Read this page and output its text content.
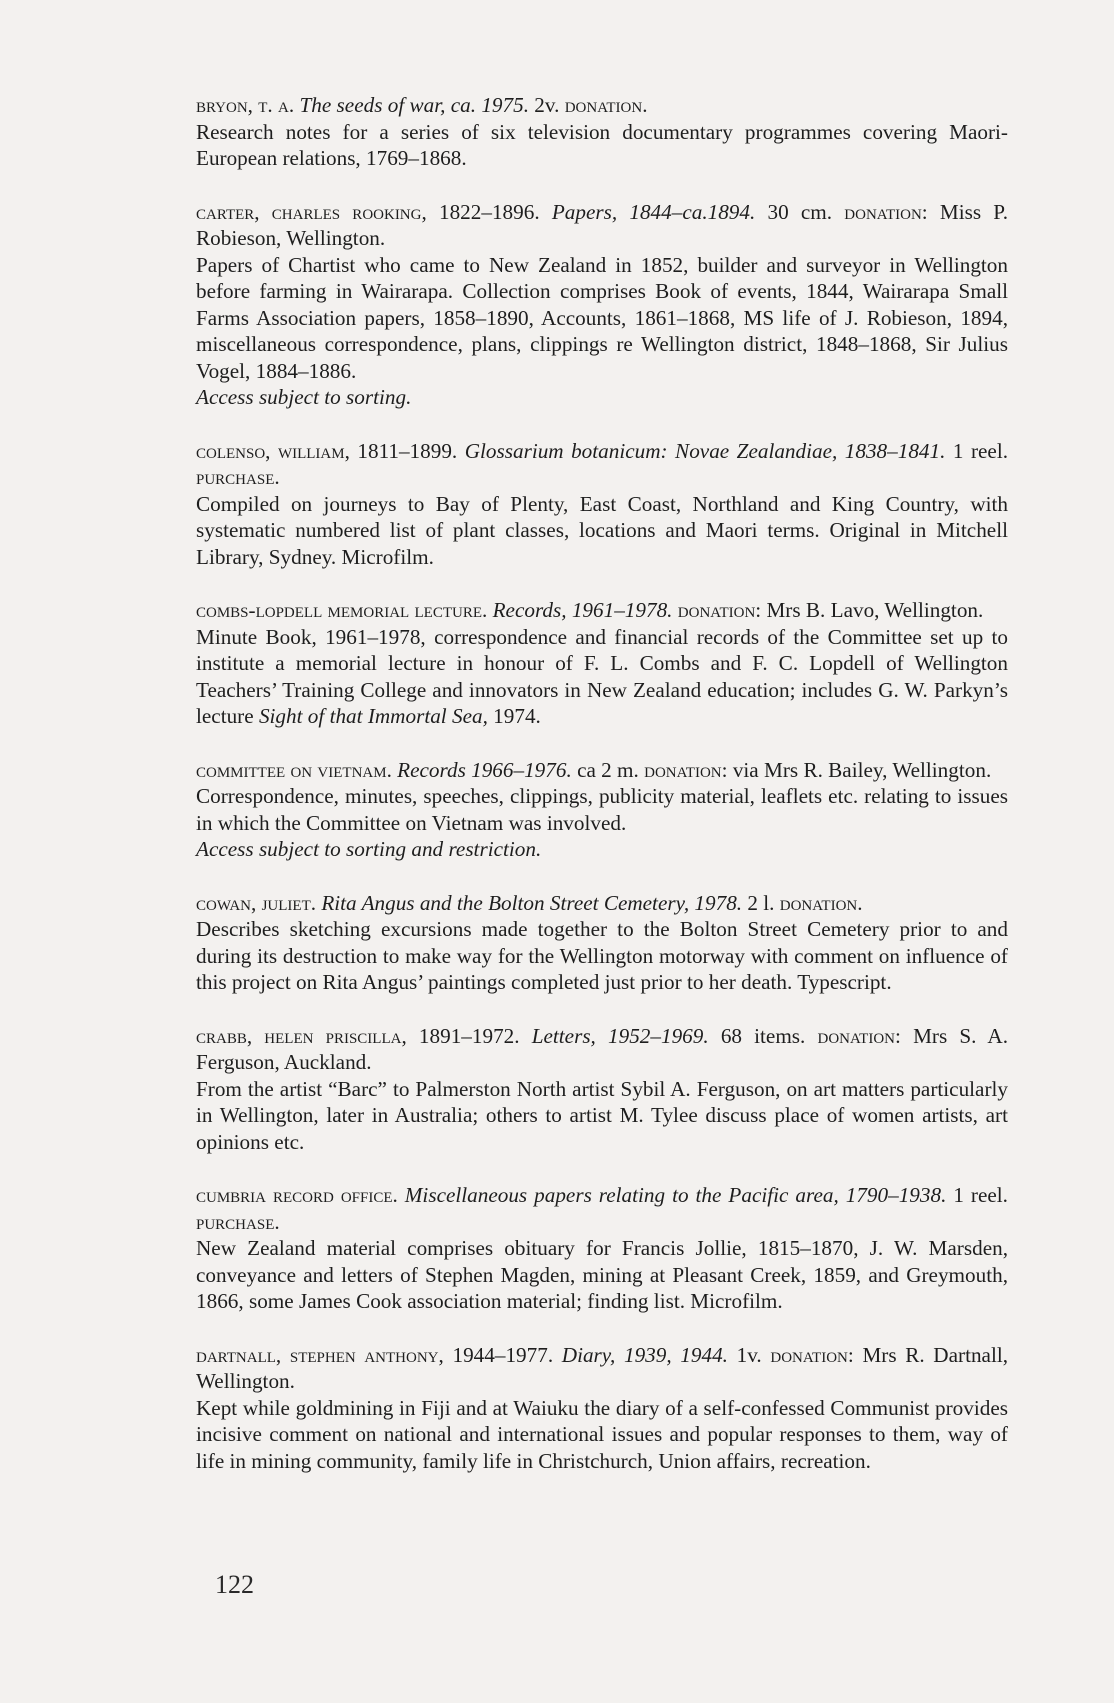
bryon, t. a. The seeds of war, ca. 1975. 2v. donation.

Research notes for a series of six television documentary programmes covering Maori-European relations, 1769–1868.

carter, charles rooking, 1822–1896. Papers, 1844–ca.1894. 30 cm. donation: Miss P. Robieson, Wellington.

Papers of Chartist who came to New Zealand in 1852, builder and surveyor in Wellington before farming in Wairarapa. Collection comprises Book of events, 1844, Wairarapa Small Farms Association papers, 1858–1890, Accounts, 1861–1868, MS life of J. Robieson, 1894, miscellaneous correspondence, plans, clippings re Wellington district, 1848–1868, Sir Julius Vogel, 1884–1886.

Access subject to sorting.

colenso, william, 1811–1899. Glossarium botanicum: Novae Zealandiae, 1838–1841. 1 reel. purchase.

Compiled on journeys to Bay of Plenty, East Coast, Northland and King Country, with systematic numbered list of plant classes, locations and Maori terms. Original in Mitchell Library, Sydney. Microfilm.

combs-lopdell memorial lecture. Records, 1961–1978. donation: Mrs B. Lavo, Wellington.

Minute Book, 1961–1978, correspondence and financial records of the Committee set up to institute a memorial lecture in honour of F. L. Combs and F. C. Lopdell of Wellington Teachers’ Training College and innovators in New Zealand education; includes G. W. Parkyn’s lecture Sight of that Immortal Sea, 1974.

committee on vietnam. Records 1966–1976. ca 2 m. donation: via Mrs R. Bailey, Wellington.

Correspondence, minutes, speeches, clippings, publicity material, leaflets etc. relating to issues in which the Committee on Vietnam was involved.

Access subject to sorting and restriction.

cowan, juliet. Rita Angus and the Bolton Street Cemetery, 1978. 2 l. donation.

Describes sketching excursions made together to the Bolton Street Cemetery prior to and during its destruction to make way for the Wellington motorway with comment on influence of this project on Rita Angus’ paintings completed just prior to her death. Typescript.

crabb, helen priscilla, 1891–1972. Letters, 1952–1969. 68 items. donation: Mrs S. A. Ferguson, Auckland.

From the artist “Barc” to Palmerston North artist Sybil A. Ferguson, on art matters particularly in Wellington, later in Australia; others to artist M. Tylee discuss place of women artists, art opinions etc.

cumbria record office. Miscellaneous papers relating to the Pacific area, 1790–1938. 1 reel. purchase.

New Zealand material comprises obituary for Francis Jollie, 1815–1870, J. W. Marsden, conveyance and letters of Stephen Magden, mining at Pleasant Creek, 1859, and Greymouth, 1866, some James Cook association material; finding list. Microfilm.

dartnall, stephen anthony, 1944–1977. Diary, 1939, 1944. 1v. donation: Mrs R. Dartnall, Wellington.

Kept while goldmining in Fiji and at Waiuku the diary of a self-confessed Communist provides incisive comment on national and international issues and popular responses to them, way of life in mining community, family life in Christchurch, Union affairs, recreation.

122
